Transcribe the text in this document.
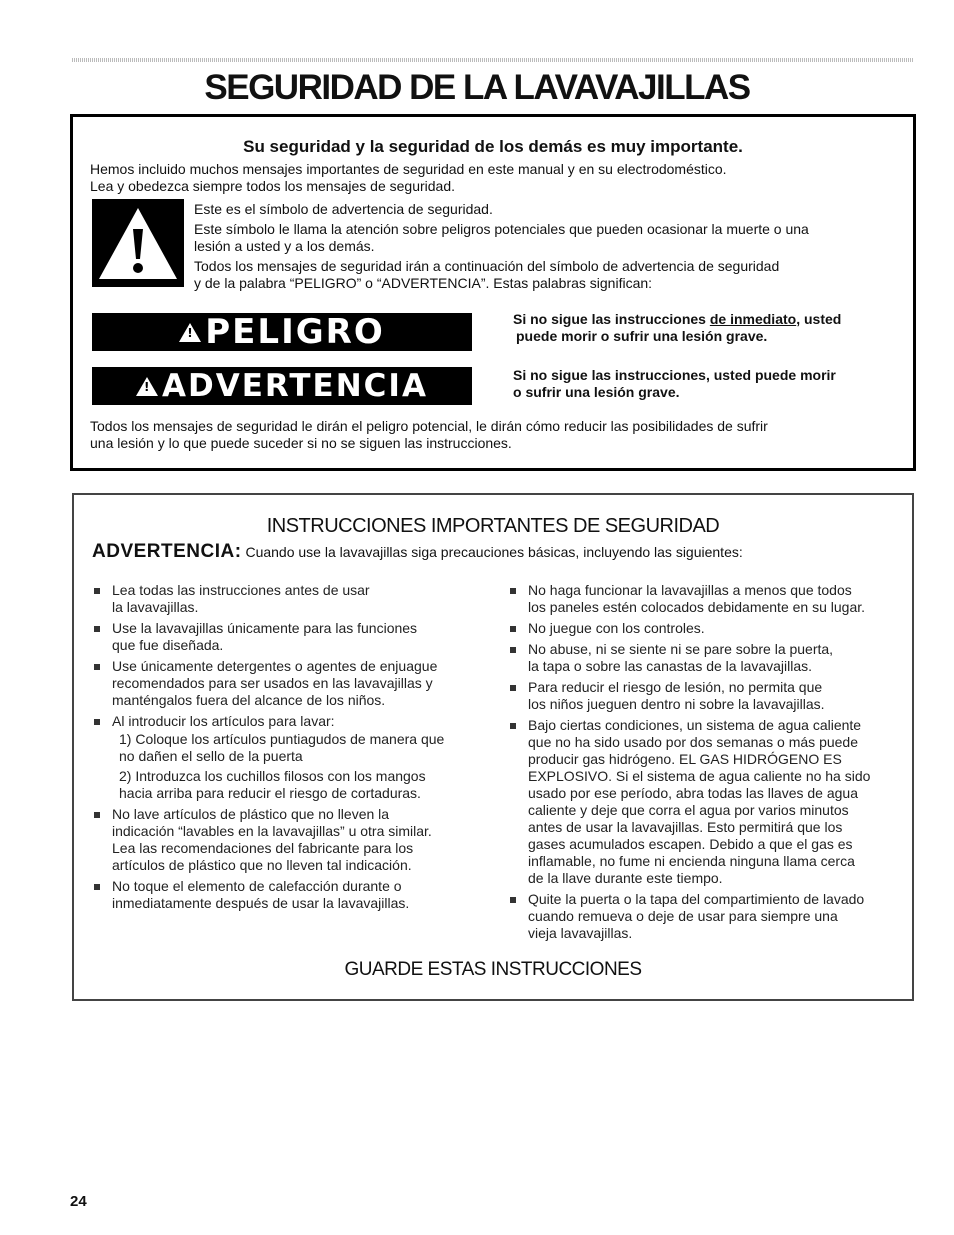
SEGURIDAD DE LA LAVAVAJILLAS
Su seguridad y la seguridad de los demás es muy importante.
Hemos incluido muchos mensajes importantes de seguridad en este manual y en su electrodoméstico.
Lea y obedezca siempre todos los mensajes de seguridad.
Este es el símbolo de advertencia de seguridad.
Este símbolo le llama la atención sobre peligros potenciales que pueden ocasionar la muerte o una
lesión a usted y a los demás.
Todos los mensajes de seguridad irán a continuación del símbolo de advertencia de seguridad
y de la palabra “PELIGRO” o “ADVERTENCIA”. Estas palabras significan:
!
PELIGRO	Si no sigue las instrucciones de inmediato, usted
puede morir o sufrir una lesión grave.
!
ADVERTENCIA	Si no sigue las instrucciones, usted puede morir
o sufrir una lesión grave.
Todos los mensajes de seguridad le dirán el peligro potencial, le dirán cómo reducir las posibilidades de sufrir
una lesión y lo que puede suceder si no se siguen las instrucciones.
INSTRUCCIONES IMPORTANTES DE SEGURIDAD
ADVERTENCIA: Cuando use la lavavajillas siga precauciones básicas, incluyendo las siguientes:
Lea todas las instrucciones antes de usar
la lavavajillas.
Use la lavavajillas únicamente para las funciones
que fue diseñada.
Use únicamente detergentes o agentes de enjuague
recomendados para ser usados en las lavavajillas y
manténgalos fuera del alcance de los niños.
Al introducir los artículos para lavar:
1) Coloque los artículos puntiagudos de manera que
no dañen el sello de la puerta
2) Introduzca los cuchillos filosos con los mangos
hacia arriba para reducir el riesgo de cortaduras.
No lave artículos de plástico que no lleven la
indicación “lavables en la lavavajillas” u otra similar.
Lea las recomendaciones del fabricante para los
artículos de plástico que no lleven tal indicación.
No toque el elemento de calefacción durante o
inmediatamente después de usar la lavavajillas.
No haga funcionar la lavavajillas a menos que todos
los paneles estén colocados debidamente en su lugar.
No juegue con los controles.
No abuse, ni se siente ni se pare sobre la puerta,
la tapa o sobre las canastas de la lavavajillas.
Para reducir el riesgo de lesión, no permita que
los niños jueguen dentro ni sobre la lavavajillas.
Bajo ciertas condiciones, un sistema de agua caliente
que no ha sido usado por dos semanas o más puede
producir gas hidrógeno. EL GAS HIDRÓGENO ES
EXPLOSIVO. Si el sistema de agua caliente no ha sido
usado por ese período, abra todas las llaves de agua
caliente y deje que corra el agua por varios minutos
antes de usar la lavavajillas. Esto permitirá que los
gases acumulados escapen. Debido a que el gas es
inflamable, no fume ni encienda ninguna llama cerca
de la llave durante este tiempo.
Quite la puerta o la tapa del compartimiento de lavado
cuando remueva o deje de usar para siempre una
vieja lavavajillas.
GUARDE ESTAS INSTRUCCIONES
24
